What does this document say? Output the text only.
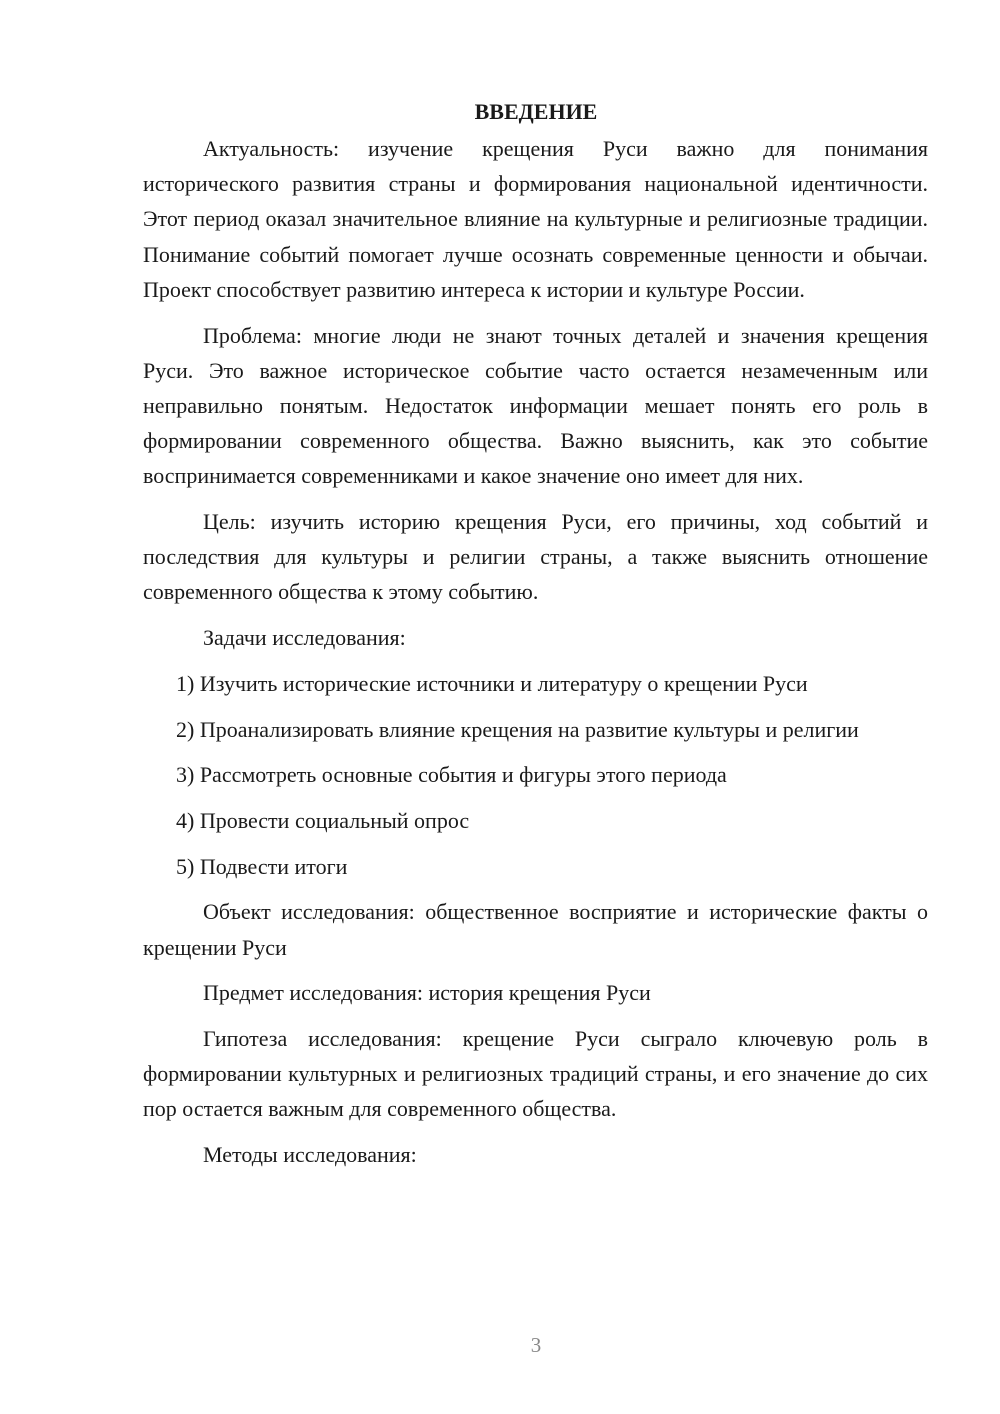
ВВЕДЕНИЕ

Актуальность: изучение крещения Руси важно для понимания исторического развития страны и формирования национальной идентичности. Этот период оказал значительное влияние на культурные и религиозные традиции. Понимание событий помогает лучше осознать современные ценности и обычаи. Проект способствует развитию интереса к истории и культуре России.

Проблема: многие люди не знают точных деталей и значения крещения Руси. Это важное историческое событие часто остается незамеченным или неправильно понятым. Недостаток информации мешает понять его роль в формировании современного общества. Важно выяснить, как это событие воспринимается современниками и какое значение оно имеет для них.

Цель: изучить историю крещения Руси, его причины, ход событий и последствия для культуры и религии страны, а также выяснить отношение современного общества к этому событию.

Задачи исследования:

1) Изучить исторические источники и литературу о крещении Руси

2) Проанализировать влияние крещения на развитие культуры и религии

3) Рассмотреть основные события и фигуры этого периода

4) Провести социальный опрос

5) Подвести итоги

Объект исследования: общественное восприятие и исторические факты о крещении Руси

Предмет исследования: история крещения Руси

Гипотеза исследования: крещение Руси сыграло ключевую роль в формировании культурных и религиозных традиций страны, и его значение до сих пор остается важным для современного общества.

Методы исследования:

3
